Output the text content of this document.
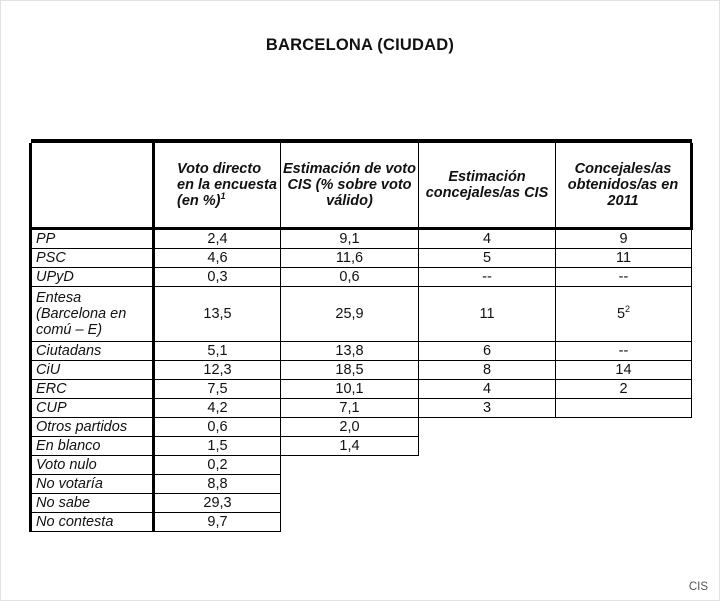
BARCELONA (CIUDAD)

	Voto directo en la encuesta (en %)$^1$	Estimación de voto CIS (% sobre voto válido)	Estimación concejales/as CIS	Concejales/as obtenidos/as en 2011
PP	2,4	9,1	4	9
PSC	4,6	11,6	5	11
UPyD	0,3	0,6	--	--

Entesa (Barcelona en comú – E)	13,5	25,9	11	$5^2$
Ciutadans	5,1	13,8	6	--
CiU	12,3	18,5	8	14
ERC	7,5	10,1	4	2
CUP	4,2	7,1	3	
Otros partidos	0,6	2,0		
En blanco	1,5	1,4		
Voto nulo	0,2			
No votaría	8,8			
No sabe	29,3			
No contesta	9,7			
CIS
